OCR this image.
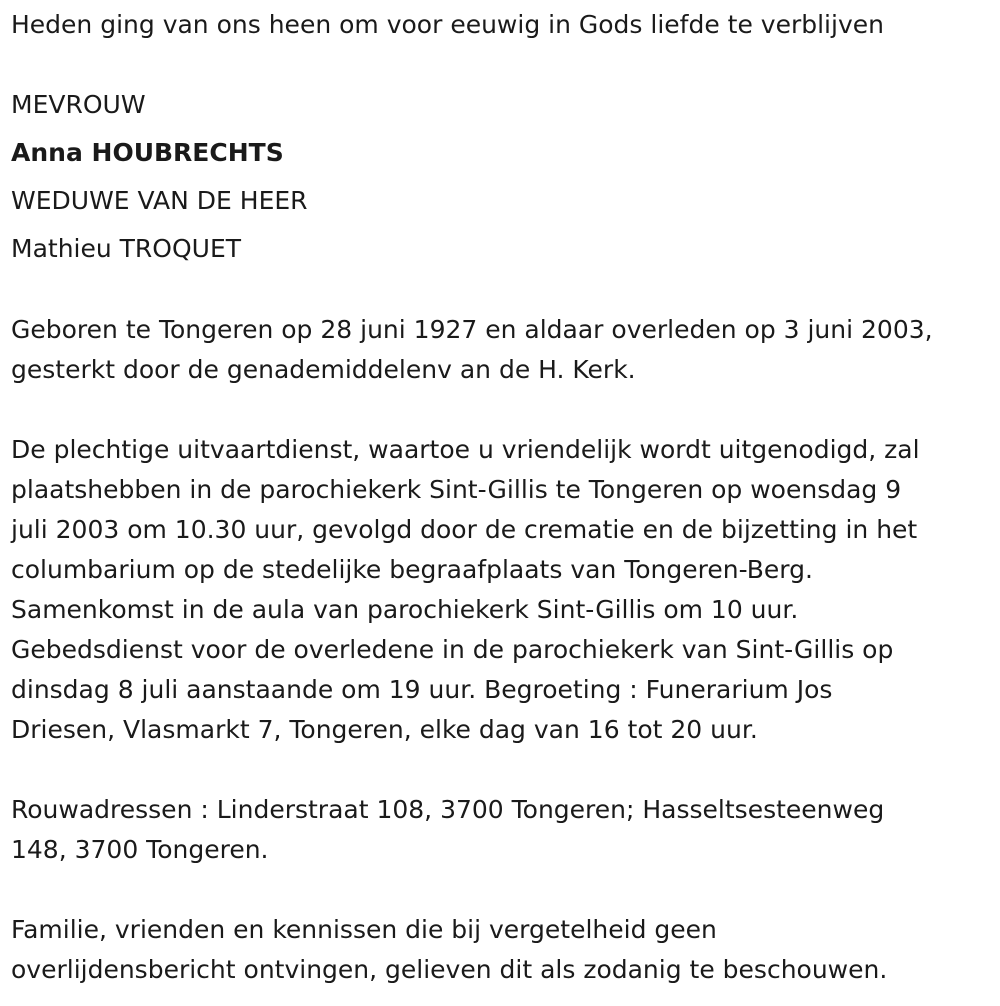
Heden ging van ons heen om voor eeuwig in Gods liefde te verblijven
MEVROUW
Anna HOUBRECHTS
WEDUWE VAN DE HEER
Mathieu TROQUET
Geboren te Tongeren op 28 juni 1927 en aldaar overleden op 3 juni 2003,
gesterkt door de genademiddelenv an de H. Kerk.
De plechtige uitvaartdienst, waartoe u vriendelijk wordt uitgenodigd, zal
plaatshebben in de parochiekerk Sint-Gillis te Tongeren op woensdag 9
juli 2003 om 10.30 uur, gevolgd door de crematie en de bijzetting in het
columbarium op de stedelijke begraafplaats van Tongeren-Berg.
Samenkomst in de aula van parochiekerk Sint-Gillis om 10 uur.
Gebedsdienst voor de overledene in de parochiekerk van Sint-Gillis op
dinsdag 8 juli aanstaande om 19 uur. Begroeting : Funerarium Jos
Driesen, Vlasmarkt 7, Tongeren, elke dag van 16 tot 20 uur.
Rouwadressen : Linderstraat 108, 3700 Tongeren; Hasseltsesteenweg
148, 3700 Tongeren.
Familie, vrienden en kennissen die bij vergetelheid geen
overlijdensbericht ontvingen, gelieven dit als zodanig te beschouwen.
